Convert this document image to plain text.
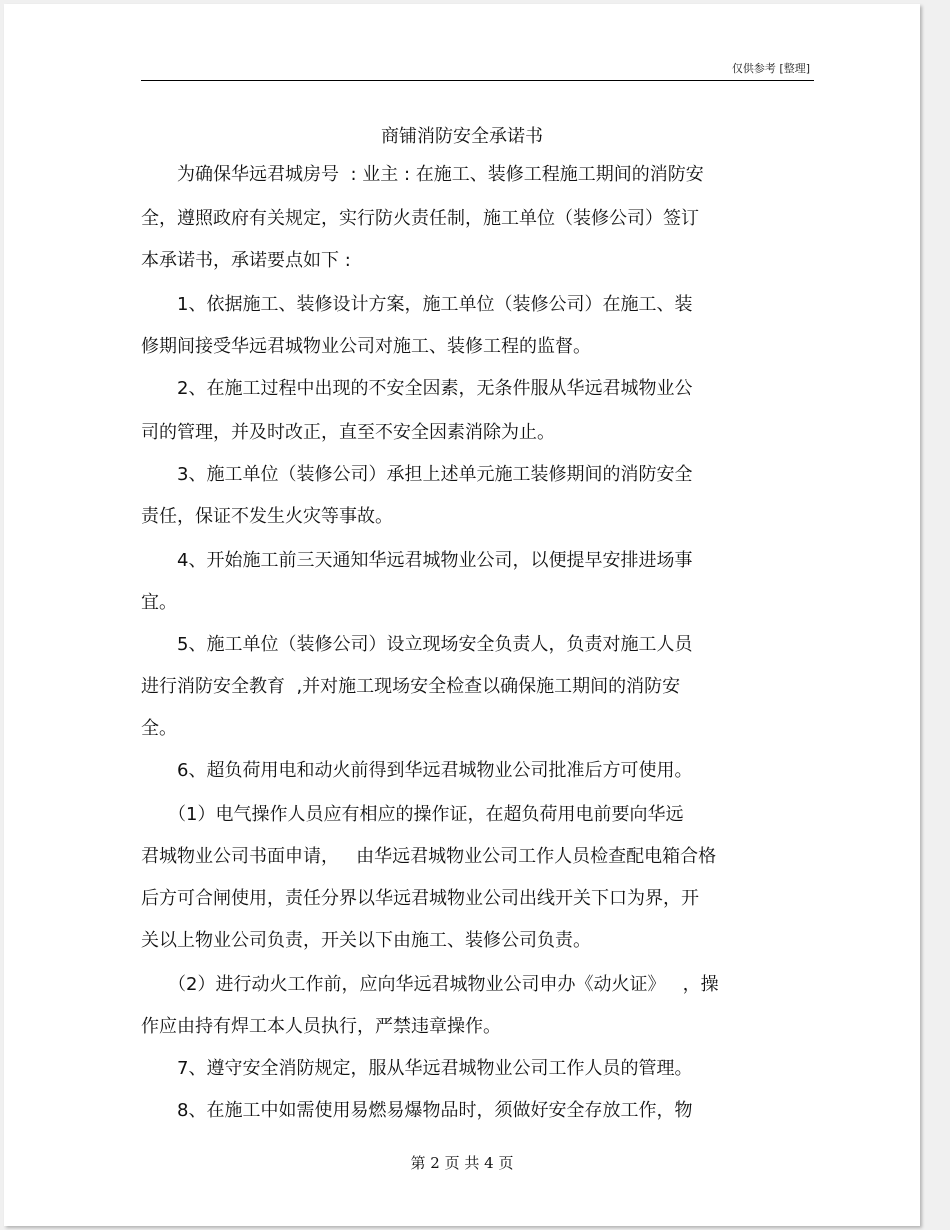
仅供参考 [整理]
商铺消防安全承诺书
　　为确保华远君城房号  : 业主 : 在施工、装修工程施工期间的消防安
全，遵照政府有关规定，实行防火责任制，施工单位（装修公司）签订
本承诺书，承诺要点如下 :
　　1、依据施工、装修设计方案，施工单位（装修公司）在施工、装
修期间接受华远君城物业公司对施工、装修工程的监督。
　　2、在施工过程中出现的不安全因素，无条件服从华远君城物业公
司的管理，并及时改正，直至不安全因素消除为止。
　　3、施工单位（装修公司）承担上述单元施工装修期间的消防安全
责任，保证不发生火灾等事故。
　　4、开始施工前三天通知华远君城物业公司，以便提早安排进场事
宜。
　　5、施工单位（装修公司）设立现场安全负责人，负责对施工人员
进行消防安全教育  ,并对施工现场安全检查以确保施工期间的消防安
全。
　　6、超负荷用电和动火前得到华远君城物业公司批准后方可使用。
　　（1）电气操作人员应有相应的操作证，在超负荷用电前要向华远
君城物业公司书面申请，   由华远君城物业公司工作人员检查配电箱合格
后方可合闸使用，责任分界以华远君城物业公司出线开关下口为界，开
关以上物业公司负责，开关以下由施工、装修公司负责。
　　（2）进行动火工作前，应向华远君城物业公司申办《动火证》   ，操
作应由持有焊工本人员执行，严禁违章操作。
　　7、遵守安全消防规定，服从华远君城物业公司工作人员的管理。
　　8、在施工中如需使用易燃易爆物品时，须做好安全存放工作，物
第 2 页 共 4 页
